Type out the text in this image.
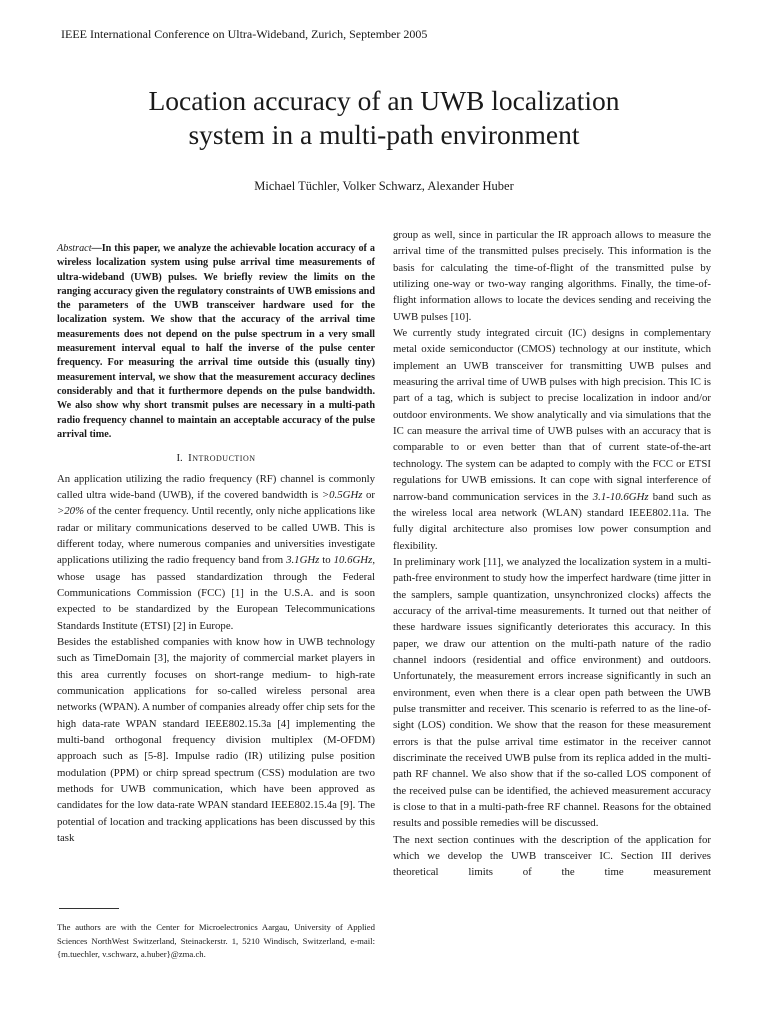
IEEE International Conference on Ultra-Wideband, Zurich, September 2005
Location accuracy of an UWB localization
system in a multi-path environment
Michael Tüchler, Volker Schwarz, Alexander Huber

Abstract—In this paper, we analyze the achievable location accuracy of a wireless localization system using pulse arrival time measurements of ultra-wideband (UWB) pulses. We briefly review the limits on the ranging accuracy given the regulatory constraints of UWB emissions and the parameters of the UWB transceiver hardware used for the localization system. We show that the accuracy of the arrival time measurements does not depend on the pulse spectrum in a very small measurement interval equal to half the inverse of the pulse center frequency. For measuring the arrival time outside this (usually tiny) measurement interval, we show that the measurement accuracy declines considerably and that it furthermore depends on the pulse bandwidth. We also show why short transmit pulses are necessary in a multi-path radio frequency channel to maintain an acceptable accuracy of the pulse arrival time.

I. Introduction

An application utilizing the radio frequency (RF) channel is commonly called ultra wide-band (UWB), if the covered bandwidth is >0.5GHz or >20% of the center frequency. Until recently, only niche applications like radar or military communications deserved to be called UWB. This is different today, where numerous companies and universities investigate applications utilizing the radio frequency band from 3.1GHz to 10.6GHz, whose usage has passed standardization through the Federal Communications Commission (FCC) [1] in the U.S.A. and is soon expected to be standardized by the European Telecommunications Standards Institute (ETSI) [2] in Europe.

Besides the established companies with know how in UWB technology such as TimeDomain [3], the majority of commercial market players in this area currently focuses on short-range medium- to high-rate communication applications for so-called wireless personal area networks (WPAN). A number of companies already offer chip sets for the high data-rate WPAN standard IEEE802.15.3a [4] implementing the multi-band orthogonal frequency division multiplex (M-OFDM) approach such as [5-8]. Impulse radio (IR) utilizing pulse position modulation (PPM) or chirp spread spectrum (CSS) modulation are two methods for UWB communication, which have been approved as candidates for the low data-rate WPAN standard IEEE802.15.4a [9]. The potential of location and tracking applications has been discussed by this task

The authors are with the Center for Microelectronics Aargau, University of Applied Sciences NorthWest Switzerland, Steinackerstr. 1, 5210 Windisch, Switzerland, e-mail: {m.tuechler, v.schwarz, a.huber}@zma.ch.

group as well, since in particular the IR approach allows to measure the arrival time of the transmitted pulses precisely. This information is the basis for calculating the time-of-flight of the transmitted pulse by utilizing one-way or two-way ranging algorithms. Finally, the time-of-flight information allows to locate the devices sending and receiving the UWB pulses [10].

We currently study integrated circuit (IC) designs in complementary metal oxide semiconductor (CMOS) technology at our institute, which implement an UWB transceiver for transmitting UWB pulses and measuring the arrival time of UWB pulses with high precision. This IC is part of a tag, which is subject to precise localization in indoor and/or outdoor environments. We show analytically and via simulations that the IC can measure the arrival time of UWB pulses with an accuracy that is comparable to or even better than that of current state-of-the-art technology. The system can be adapted to comply with the FCC or ETSI regulations for UWB emissions. It can cope with signal interference of narrow-band communication services in the 3.1-10.6GHz band such as the wireless local area network (WLAN) standard IEEE802.11a. The fully digital architecture also promises low power consumption and flexibility.

In preliminary work [11], we analyzed the localization system in a multi-path-free environment to study how the imperfect hardware (time jitter in the samplers, sample quantization, unsynchronized clocks) affects the accuracy of the arrival-time measurements. It turned out that neither of these hardware issues significantly deteriorates this accuracy. In this paper, we draw our attention on the multi-path nature of the radio channel indoors (residential and office environment) and outdoors. Unfortunately, the measurement errors increase significantly in such an environment, even when there is a clear open path between the UWB pulse transmitter and receiver. This scenario is referred to as the line-of-sight (LOS) condition. We show that the reason for these measurement errors is that the pulse arrival time estimator in the receiver cannot discriminate the received UWB pulse from its replica added in the multi-path RF channel. We also show that if the so-called LOS component of the received pulse can be identified, the achieved measurement accuracy is close to that in a multi-path-free RF channel. Reasons for the obtained results and possible remedies will be discussed.

The next section continues with the description of the application for which we develop the UWB transceiver IC. Section III derives theoretical limits of the time measurement
